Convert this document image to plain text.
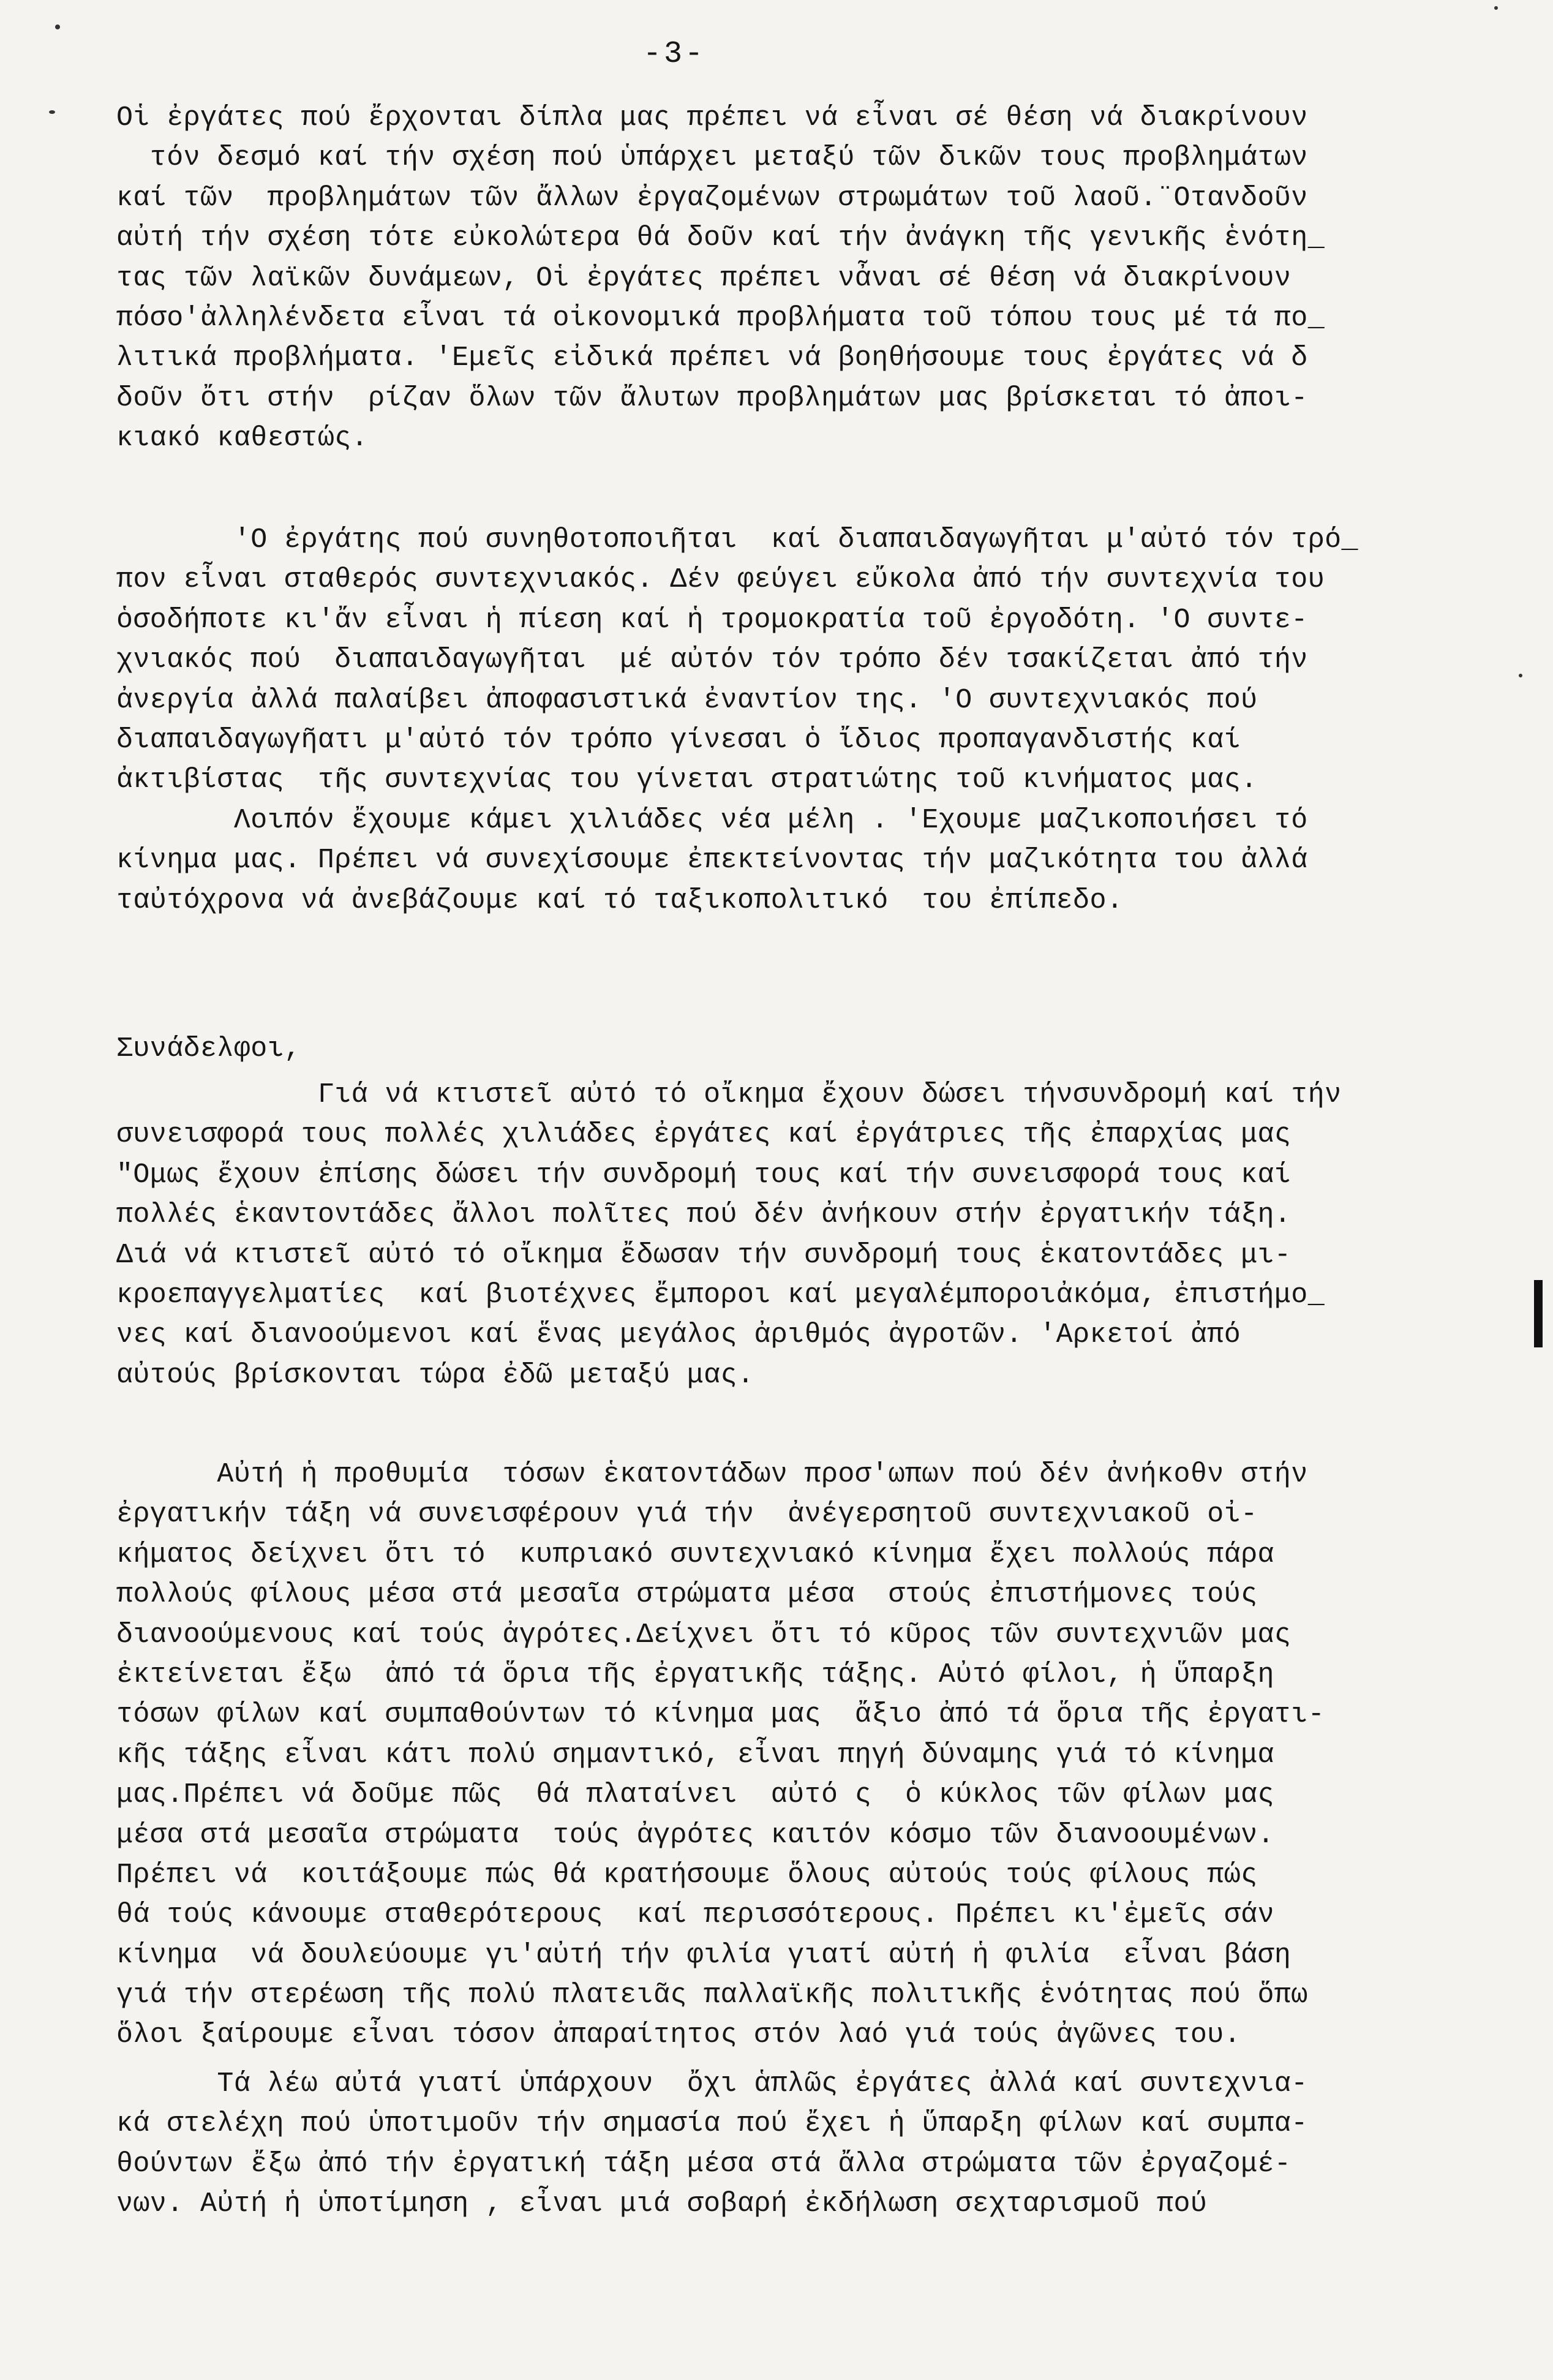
-3-
Οἱ ἐργάτες πού ἔρχονται δίπλα μας πρέπει νά εἶναι σέ θέση νά διακρίνουν
τόν δεσμό καί τήν σχέση πού ὑπάρχει μεταξύ τῶν δικῶν τους προβλημάτων
καί τῶν  προβλημάτων τῶν ἄλλων ἐργαζομένων στρωμάτων τοῦ λαοῦ.¨Οτανδοῦν
αὐτή τήν σχέση τότε εὐκολώτερα θά δοῦν καί τήν ἀνάγκη τῆς γενικῆς ἑνότη_
τας τῶν λαϊκῶν δυνάμεων, Οἱ ἐργάτες πρέπει νἆναι σέ θέση νά διακρίνουν
πόσο'ἀλληλένδετα εἶναι τά οἰκονομικά προβλήματα τοῦ τόπου τους μέ τά πο_
λιτικά προβλήματα. 'Εμεῖς εἰδικά πρέπει νά βοηθήσουμε τους ἐργάτες νά δ
δοῦν ὄτι στήν  ρίζαν ὅλων τῶν ἄλυτων προβλημάτων μας βρίσκεται τό ἀποι-
κιακό καθεστώς.
'Ο ἐργάτης πού συνηθοτοποιῆται  καί διαπαιδαγωγῆται μ'αὐτό τόν τρό_
πον εἶναι σταθερός συντεχνιακός. Δέν φεύγει εὔκολα ἀπό τήν συντεχνία του
ὁσοδήποτε κι'ἄν εἶναι ἡ πίεση καί ἡ τρομοκρατία τοῦ ἐργοδότη. 'Ο συντε-
χνιακός πού  διαπαιδαγωγῆται  μέ αὐτόν τόν τρόπο δέν τσακίζεται ἀπό τήν
ἀνεργία ἀλλά παλαίβει ἀποφασιστικά ἐναντίον της. 'Ο συντεχνιακός πού
διαπαιδαγωγῆατι μ'αὐτό τόν τρόπο γίνεσαι ὁ ἴδιος προπαγανδιστής καί
ἀκτιβίστας  τῆς συντεχνίας του γίνεται στρατιώτης τοῦ κινήματος μας.
Λοιπόν ἔχουμε κάμει χιλιάδες νέα μέλη . 'Εχουμε μαζικοποιήσει τό
κίνημα μας. Πρέπει νά συνεχίσουμε ἐπεκτείνοντας τήν μαζικότητα του ἀλλά
ταὐτόχρονα νά ἀνεβάζουμε καί τό ταξικοπολιτικό  του ἐπίπεδο.
Συνάδελφοι,
Γιά νά κτιστεῖ αὐτό τό οἴκημα ἔχουν δώσει τήνσυνδρομή καί τήν
συνεισφορά τους πολλές χιλιάδες ἐργάτες καί ἐργάτριες τῆς ἐπαρχίας μας
"Ομως ἔχουν ἐπίσης δώσει τήν συνδρομή τους καί τήν συνεισφορά τους καί
πολλές ἑκαντοντάδες ἄλλοι πολῖτες πού δέν ἀνήκουν στήν ἐργατικήν τάξη.
Διά νά κτιστεῖ αὐτό τό οἴκημα ἔδωσαν τήν συνδρομή τους ἑκατοντάδες μι-
κροεπαγγελματίες  καί βιοτέχνες ἔμποροι καί μεγαλέμποροιἀκόμα, ἐπιστήμο_
νες καί διανοούμενοι καί ἕνας μεγάλος ἀριθμός ἀγροτῶν. 'Αρκετοί ἀπό
αὐτούς βρίσκονται τώρα ἐδῶ μεταξύ μας.
Αὐτή ἡ προθυμία  τόσων ἑκατοντάδων προσ'ωπων πού δέν ἀνήκοθν στήν
ἐργατικήν τάξη νά συνεισφέρουν γιά τήν  ἀνέγερσητοῦ συντεχνιακοῦ οἰ-
κήματος δείχνει ὄτι τό  κυπριακό συντεχνιακό κίνημα ἔχει πολλούς πάρα
πολλούς φίλους μέσα στά μεσαῖα στρώματα μέσα  στούς ἐπιστήμονες τούς
διανοούμενους καί τούς ἀγρότες.Δείχνει ὄτι τό κῦρος τῶν συντεχνιῶν μας
ἐκτείνεται ἔξω  ἀπό τά ὅρια τῆς ἐργατικῆς τάξης. Αὐτό φίλοι, ἡ ὕπαρξη
τόσων φίλων καί συμπαθούντων τό κίνημα μας  ἄξιο ἀπό τά ὅρια τῆς ἐργατι-
κῆς τάξης εἶναι κάτι πολύ σημαντικό, εἶναι πηγή δύναμης γιά τό κίνημα
μας.Πρέπει νά δοῦμε πῶς  θά πλαταίνει  αὐτό ς  ὁ κύκλος τῶν φίλων μας
μέσα στά μεσαῖα στρώματα  τούς ἀγρότες καιτόν κόσμο τῶν διανοουμένων.
Πρέπει νά  κοιτάξουμε πώς θά κρατήσουμε ὅλους αὐτούς τούς φίλους πώς
θά τούς κάνουμε σταθερότερους  καί περισσότερους. Πρέπει κι'ἐμεῖς σάν
κίνημα  νά δουλεύουμε γι'αὐτή τήν φιλία γιατί αὐτή ἡ φιλία  εἶναι βάση
γιά τήν στερέωση τῆς πολύ πλατειᾶς παλλαϊκῆς πολιτικῆς ἑνότητας πού ὅπω
ὅλοι ξαίρουμε εἶναι τόσον ἀπαραίτητος στόν λαό γιά τούς ἀγῶνες του.
Τά λέω αὐτά γιατί ὑπάρχουν  ὄχι ἁπλῶς ἐργάτες ἀλλά καί συντεχνια-
κά στελέχη πού ὑποτιμοῦν τήν σημασία πού ἔχει ἡ ὕπαρξη φίλων καί συμπα-
θούντων ἔξω ἀπό τήν ἐργατική τάξη μέσα στά ἄλλα στρώματα τῶν ἐργαζομέ-
νων. Αὐτή ἡ ὑποτίμηση , εἶναι μιά σοβαρή ἐκδήλωση σεχταρισμοῦ πού
